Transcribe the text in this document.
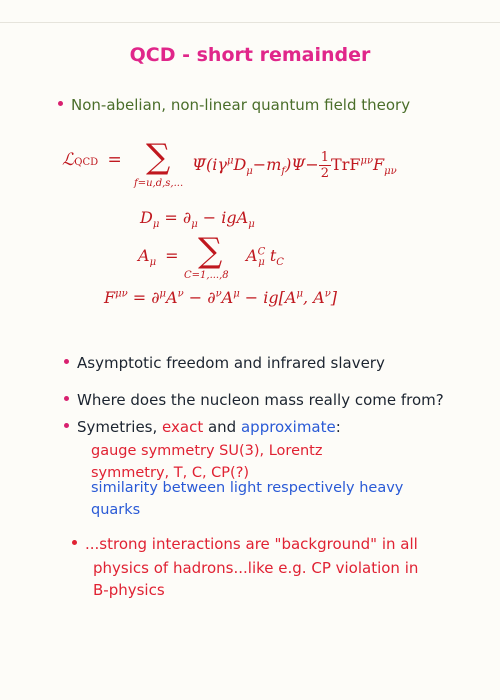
QCD - short remainder
Non-abelian, non-linear quantum field theory
ℒQCD = ∑
f=u,d,s,...
$\Psī(i\gamma^\mu D_\mu-m_f)\Psi- \frac{1}{2} TrF^{\mu\nu}F_{\mu\nu}$
$D_\mu = \partial_\mu - igA_\mu$
$A_\mu$ = ∑
C=1,...,8
$A^C_\mu$ $t_C$
$F^{\mu\nu} = \partial^\mu A^\nu - \partial^\nu A^\mu - ig[A^\mu$, $A^\nu$]
Asymptotic freedom and infrared slavery
Where does the nucleon mass really come from?
Symetries, exact and approximate:
gauge symmetry SU(3), Lorentz
symmetry, T, C, CP(?)
similarity between light respectively heavy
quarks
...strong interactions are "background" in all
physics of hadrons...like e.g. CP violation in
B-physics
